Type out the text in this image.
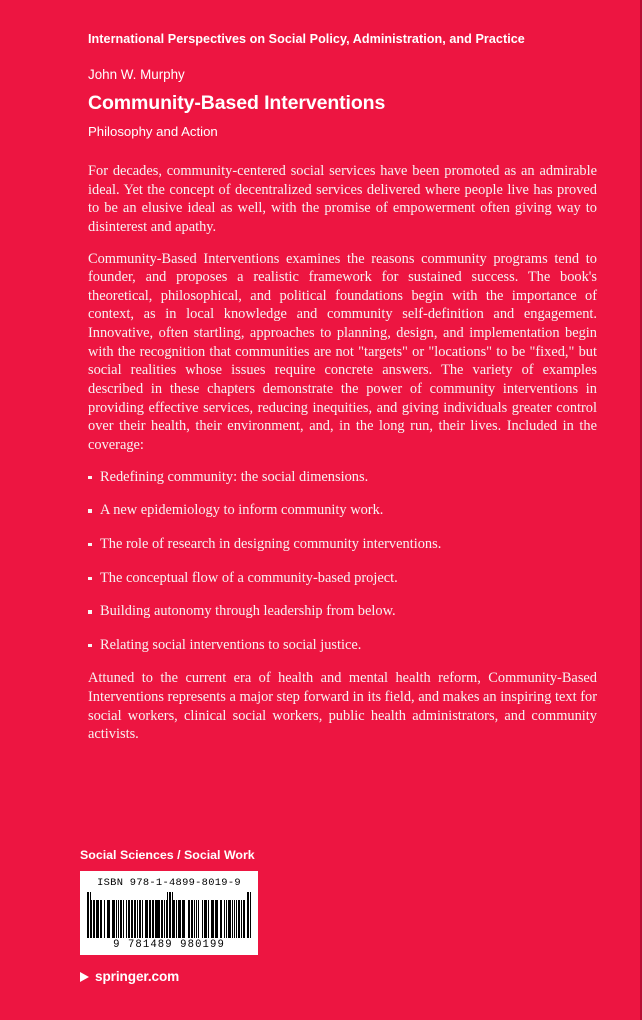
International Perspectives on Social Policy, Administration, and Practice
John W. Murphy
Community-Based Interventions
Philosophy and Action

For decades, community-centered social services have been promoted as an admirable ideal. Yet the concept of decentralized services delivered where people live has proved to be an elusive ideal as well, with the promise of empowerment often giving way to disinterest and apathy.

Community-Based Interventions examines the reasons community programs tend to founder, and proposes a realistic framework for sustained success. The book's theoretical, philosophical, and political foundations begin with the importance of context, as in local knowledge and community self-definition and engagement. Innovative, often startling, approaches to planning, design, and implementation begin with the recognition that communities are not "targets" or "locations" to be "fixed," but social realities whose issues require concrete answers. The variety of examples described in these chapters demonstrate the power of community interventions in providing effective services, reducing inequities, and giving individuals greater control over their health, their environment, and, in the long run, their lives. Included in the coverage:

Redefining community: the social dimensions.
A new epidemiology to inform community work.
The role of research in designing community interventions.
The conceptual flow of a community-based project.
Building autonomy through leadership from below.
Relating social interventions to social justice.

Attuned to the current era of health and mental health reform, Community-Based Interventions represents a major step forward in its field, and makes an inspiring text for social workers, clinical social workers, public health administrators, and community activists.

Social Sciences / Social Work
ISBN 978-1-4899-8019-9
9 781489 980199
springer.com
